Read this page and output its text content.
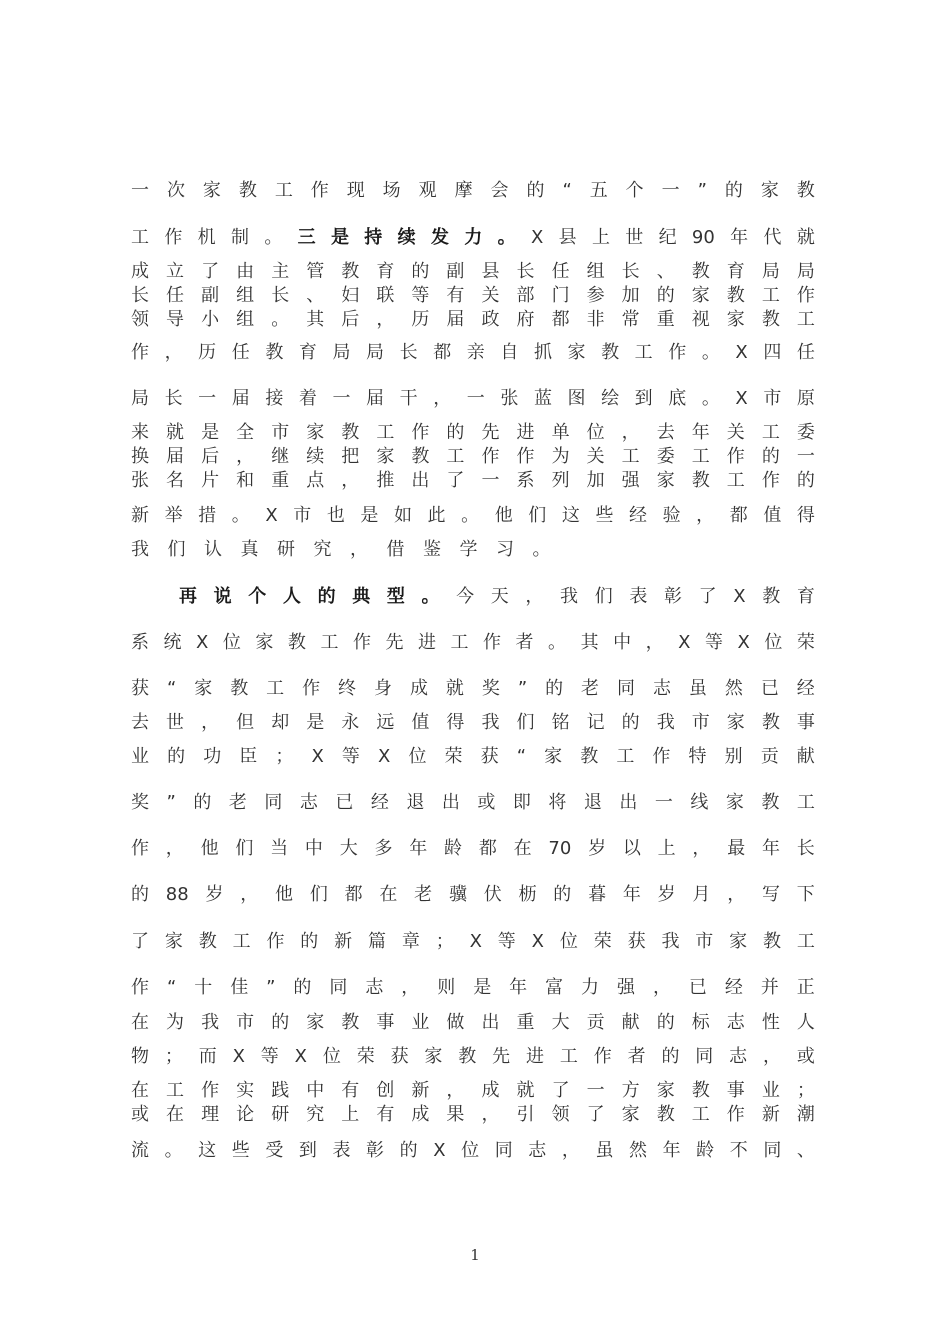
一 次 家 教 工 作 现 场 观 摩 会 的 “ 五 个 一 ” 的 家 教
工 作 机 制 。 三 是 持 续 发 力 。 X 县 上 世 纪 90 年 代 就
成 立 了 由 主 管 教 育 的 副 县 长 任 组 长 、 教 育 局 局
长 任 副 组 长 、 妇 联 等 有 关 部 门 参 加 的 家 教 工 作
领 导 小 组 。 其 后 ， 历 届 政 府 都 非 常 重 视 家 教 工
作 ， 历 任 教 育 局 局 长 都 亲 自 抓 家 教 工 作 。 X 四 任
局 长 一 届 接 着 一 届 干 ， 一 张 蓝 图 绘 到 底 。 X 市 原
来 就 是 全 市 家 教 工 作 的 先 进 单 位 ， 去 年 关 工 委
换 届 后 ， 继 续 把 家 教 工 作 作 为 关 工 委 工 作 的 一
张 名 片 和 重 点 ， 推 出 了 一 系 列 加 强 家 教 工 作 的
新 举 措 。 X 市 也 是 如 此 。 他 们 这 些 经 验 ， 都 值 得
我 们 认 真 研 究 ， 借 鉴 学 习 。
再 说 个 人 的 典 型 。 今 天 ， 我 们 表 彰 了 X 教 育
系 统 X 位 家 教 工 作 先 进 工 作 者 。 其 中 ， X 等 X 位 荣
获 “ 家 教 工 作 终 身 成 就 奖 ” 的 老 同 志 虽 然 已 经
去 世 ， 但 却 是 永 远 值 得 我 们 铭 记 的 我 市 家 教 事
业 的 功 臣 ； X 等 X 位 荣 获 “ 家 教 工 作 特 别 贡 献
奖 ” 的 老 同 志 已 经 退 出 或 即 将 退 出 一 线 家 教 工
作 ， 他 们 当 中 大 多 年 龄 都 在 70 岁 以 上 ， 最 年 长
的 88 岁 ， 他 们 都 在 老 骥 伏 枥 的 暮 年 岁 月 ， 写 下
了 家 教 工 作 的 新 篇 章 ； X 等 X 位 荣 获 我 市 家 教 工
作 “ 十 佳 ” 的 同 志 ， 则 是 年 富 力 强 ， 已 经 并 正
在 为 我 市 的 家 教 事 业 做 出 重 大 贡 献 的 标 志 性 人
物 ； 而 X 等 X 位 荣 获 家 教 先 进 工 作 者 的 同 志 ， 或
在 工 作 实 践 中 有 创 新 ， 成 就 了 一 方 家 教 事 业 ；
或 在 理 论 研 究 上 有 成 果 ， 引 领 了 家 教 工 作 新 潮
流 。 这 些 受 到 表 彰 的 X 位 同 志 ， 虽 然 年 龄 不 同 、
1
